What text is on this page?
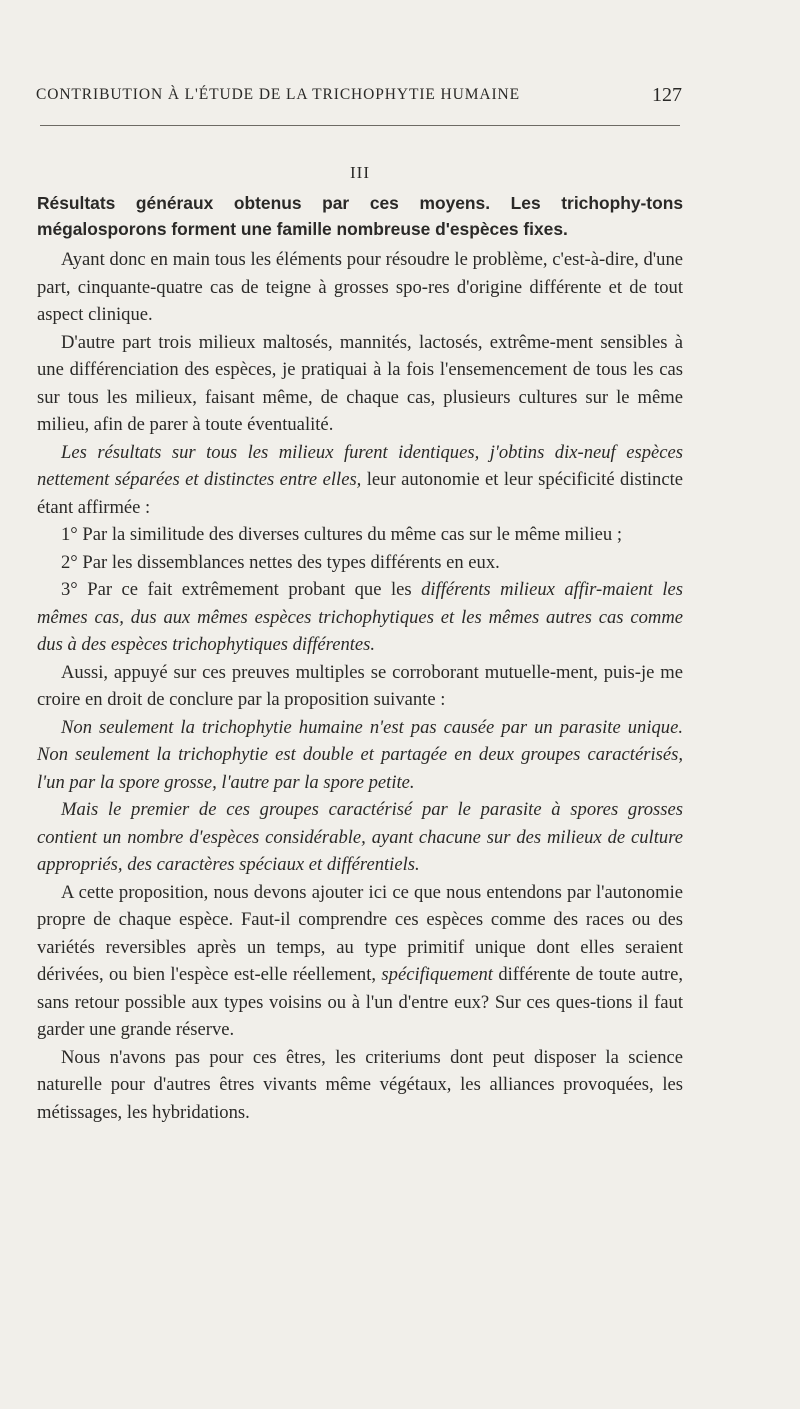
CONTRIBUTION À L'ÉTUDE DE LA TRICHOPHYTIE HUMAINE	127
III

Résultats généraux obtenus par ces moyens. Les trichophy-tons mégalosporons forment une famille nombreuse d'espèces fixes.

Ayant donc en main tous les éléments pour résoudre le problème, c'est-à-dire, d'une part, cinquante-quatre cas de teigne à grosses spo-res d'origine différente et de tout aspect clinique.

D'autre part trois milieux maltosés, mannités, lactosés, extrême-ment sensibles à une différenciation des espèces, je pratiquai à la fois l'ensemencement de tous les cas sur tous les milieux, faisant même, de chaque cas, plusieurs cultures sur le même milieu, afin de parer à toute éventualité.

Les résultats sur tous les milieux furent identiques, j'obtins dix-neuf espèces nettement séparées et distinctes entre elles, leur autonomie et leur spécificité distincte étant affirmée :

1° Par la similitude des diverses cultures du même cas sur le même milieu ;

2° Par les dissemblances nettes des types différents en eux.

3° Par ce fait extrêmement probant que les différents milieux affir-maient les mêmes cas, dus aux mêmes espèces trichophytiques et les mêmes autres cas comme dus à des espèces trichophytiques différentes.

Aussi, appuyé sur ces preuves multiples se corroborant mutuelle-ment, puis-je me croire en droit de conclure par la proposition suivante :

Non seulement la trichophytie humaine n'est pas causée par un parasite unique. Non seulement la trichophytie est double et partagée en deux groupes caractérisés, l'un par la spore grosse, l'autre par la spore petite.

Mais le premier de ces groupes caractérisé par le parasite à spores grosses contient un nombre d'espèces considérable, ayant chacune sur des milieux de culture appropriés, des caractères spéciaux et différentiels.

A cette proposition, nous devons ajouter ici ce que nous entendons par l'autonomie propre de chaque espèce. Faut-il comprendre ces espèces comme des races ou des variétés reversibles après un temps, au type primitif unique dont elles seraient dérivées, ou bien l'espèce est-elle réellement, spécifiquement différente de toute autre, sans retour possible aux types voisins ou à l'un d'entre eux? Sur ces ques-tions il faut garder une grande réserve.

Nous n'avons pas pour ces êtres, les criteriums dont peut disposer la science naturelle pour d'autres êtres vivants même végétaux, les alliances provoquées, les métissages, les hybridations.
